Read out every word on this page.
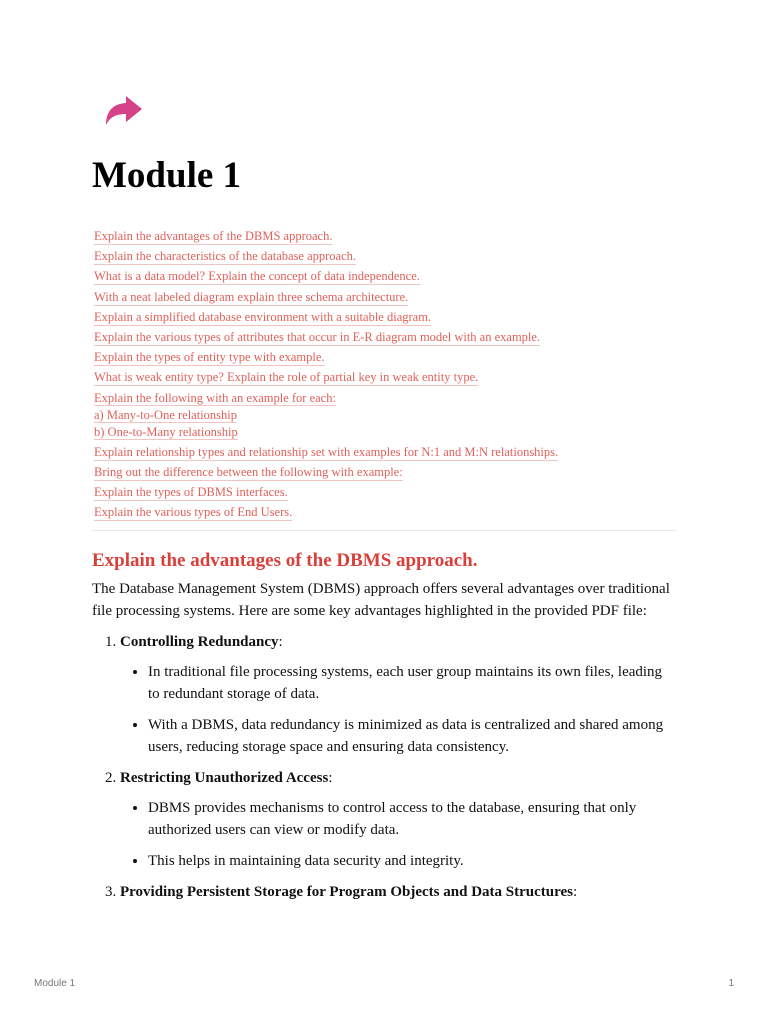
Module 1
Explain the advantages of the DBMS approach.
Explain the characteristics of the database approach.
What is a data model? Explain the concept of data independence.
With a neat labeled diagram explain three schema architecture.
Explain a simplified database environment with a suitable diagram.
Explain the various types of attributes that occur in E-R diagram model with an example.
Explain the types of entity type with example.
What is weak entity type? Explain the role of partial key in weak entity type.
Explain the following with an example for each:
a) Many-to-One relationship
b) One-to-Many relationship
Explain relationship types and relationship set with examples for N:1 and M:N relationships.
Bring out the difference between the following with example:
Explain the types of DBMS interfaces.
Explain the various types of End Users.
Explain the advantages of the DBMS approach.

The Database Management System (DBMS) approach offers several advantages over traditional file processing systems. Here are some key advantages highlighted in the provided PDF file:

1. Controlling Redundancy:
• In traditional file processing systems, each user group maintains its own files, leading to redundant storage of data.
• With a DBMS, data redundancy is minimized as data is centralized and shared among users, reducing storage space and ensuring data consistency.
2. Restricting Unauthorized Access:
• DBMS provides mechanisms to control access to the database, ensuring that only authorized users can view or modify data.
• This helps in maintaining data security and integrity.
3. Providing Persistent Storage for Program Objects and Data Structures:
Module 1	1
